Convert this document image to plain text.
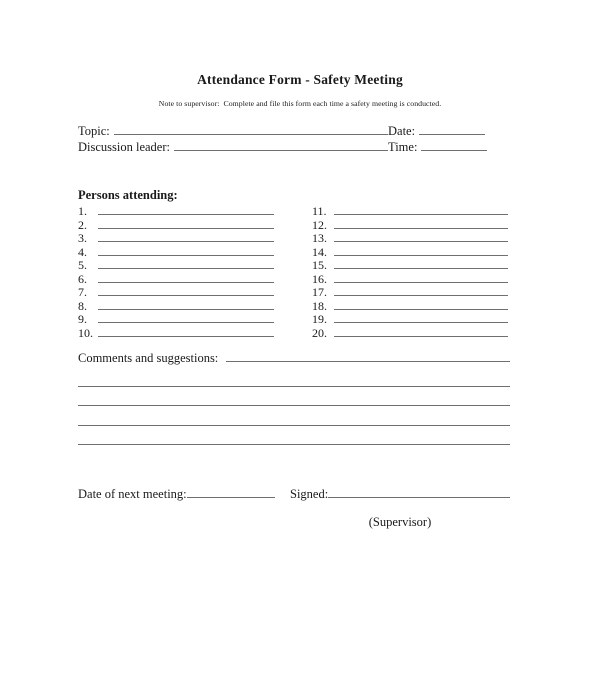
Attendance Form - Safety Meeting
Note to supervisor:  Complete and file this form each time a safety meeting is conducted.
Topic:	Date:
Discussion leader:	Time:
Persons attending:
1.
2.
3.
4.
5.
6.
7.
8.
9.
10.
11.
12.
13.
14.
15.
16.
17.
18.
19.
20.
Comments and suggestions:
Date of next meeting:	Signed:
(Supervisor)
